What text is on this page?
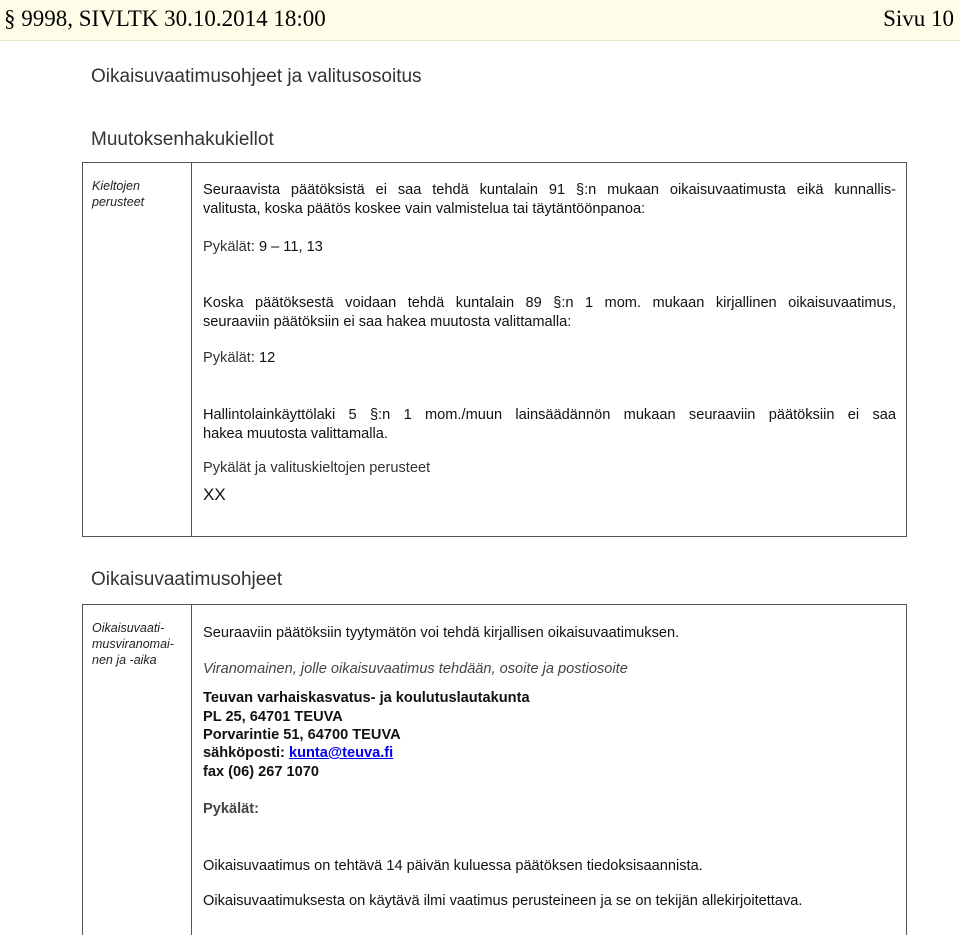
§ 9998, SIVLTK 30.10.2014 18:00	Sivu 10
Oikaisuvaatimusohjeet ja valitusosoitus
Muutoksenhakukiellot
Kieltojen
perusteet
Seuraavista päätöksistä ei saa tehdä kuntalain 91 §:n mukaan oikaisuvaatimusta eikä kunnallis-
valitusta, koska päätös koskee vain valmistelua tai täytäntöönpanoa:
Pykälät: 9 – 11, 13
Koska päätöksestä voidaan tehdä kuntalain 89 §:n 1 mom. mukaan kirjallinen oikaisuvaatimus,
seuraaviin päätöksiin ei saa hakea muutosta valittamalla:
Pykälät: 12
Hallintolainkäyttölaki 5 §:n 1 mom./muun lainsäädännön mukaan seuraaviin päätöksiin ei saa
hakea muutosta valittamalla.
Pykälät ja valituskieltojen perusteet
XX
Oikaisuvaatimusohjeet
Oikaisuvaati-
musviranomai-
nen ja -aika
Seuraaviin päätöksiin tyytymätön voi tehdä kirjallisen oikaisuvaatimuksen.
Viranomainen, jolle oikaisuvaatimus tehdään, osoite ja postiosoite
Teuvan varhaiskasvatus- ja koulutuslautakunta
PL 25, 64701 TEUVA
Porvarintie 51, 64700 TEUVA
sähköposti: kunta@teuva.fi
fax (06) 267 1070
Pykälät:
Oikaisuvaatimus on tehtävä 14 päivän kuluessa päätöksen tiedoksisaannista.
Oikaisuvaatimuksesta on käytävä ilmi vaatimus perusteineen ja se on tekijän allekirjoitettava.
